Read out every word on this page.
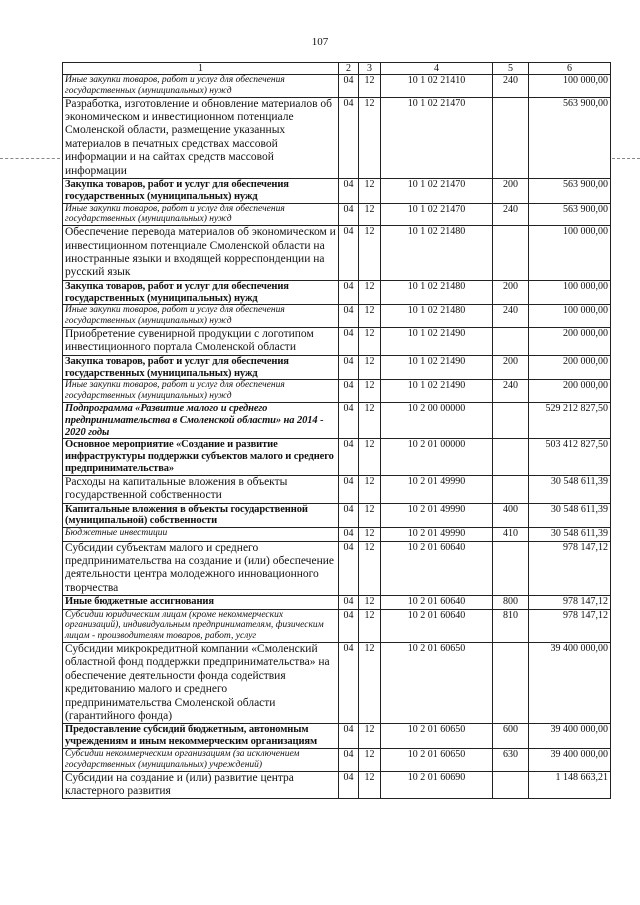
107
1	2	3	4	5	6
Иные закупки товаров, работ и услуг для обеспечения государственных (муниципальных) нужд	04	12	10 1 02 21410	240	100 000,00
Разработка, изготовление и обновление материалов об экономическом и инвестиционном потенциале Смоленской области, размещение указанных материалов в печатных средствах массовой информации и на сайтах средств массовой информации	04	12	10 1 02 21470		563 900,00
Закупка товаров, работ и услуг для обеспечения государственных (муниципальных) нужд	04	12	10 1 02 21470	200	563 900,00
Иные закупки товаров, работ и услуг для обеспечения государственных (муниципальных) нужд	04	12	10 1 02 21470	240	563 900,00
Обеспечение перевода материалов об экономическом и инвестиционном потенциале Смоленской области на иностранные языки и входящей корреспонденции на русский язык	04	12	10 1 02 21480		100 000,00
Закупка товаров, работ и услуг для обеспечения государственных (муниципальных) нужд	04	12	10 1 02 21480	200	100 000,00
Иные закупки товаров, работ и услуг для обеспечения государственных (муниципальных) нужд	04	12	10 1 02 21480	240	100 000,00
Приобретение сувенирной продукции с логотипом инвестиционного портала Смоленской области	04	12	10 1 02 21490		200 000,00
Закупка товаров, работ и услуг для обеспечения государственных (муниципальных) нужд	04	12	10 1 02 21490	200	200 000,00
Иные закупки товаров, работ и услуг для обеспечения государственных (муниципальных) нужд	04	12	10 1 02 21490	240	200 000,00
Подпрограмма «Развитие малого и среднего предпринимательства в Смоленской области» на 2014 - 2020 годы	04	12	10 2 00 00000		529 212 827,50
Основное мероприятие «Создание и развитие инфраструктуры поддержки субъектов малого и среднего предпринимательства»	04	12	10 2 01 00000		503 412 827,50
Расходы на капитальные вложения в объекты государственной собственности	04	12	10 2 01 49990		30 548 611,39
Капитальные вложения в объекты государственной (муниципальной) собственности	04	12	10 2 01 49990	400	30 548 611,39
Бюджетные инвестиции	04	12	10 2 01 49990	410	30 548 611,39
Субсидии субъектам малого и среднего предпринимательства на создание и (или) обеспечение деятельности центра молодежного инновационного творчества	04	12	10 2 01 60640		978 147,12
Иные бюджетные ассигнования	04	12	10 2 01 60640	800	978 147,12
Субсидии юридическим лицам (кроме некоммерческих организаций), индивидуальным предпринимателям, физическим лицам - производителям товаров, работ, услуг	04	12	10 2 01 60640	810	978 147,12
Субсидии микрокредитной компании «Смоленский областной фонд поддержки предпринимательства» на обеспечение деятельности фонда содействия кредитованию малого и среднего предпринимательства Смоленской области (гарантийного фонда)	04	12	10 2 01 60650		39 400 000,00
Предоставление субсидий бюджетным, автономным учреждениям и иным некоммерческим организациям	04	12	10 2 01 60650	600	39 400 000,00
Субсидии некоммерческим организациям (за исключением государственных (муниципальных) учреждений)	04	12	10 2 01 60650	630	39 400 000,00
Субсидии на создание и (или) развитие центра кластерного развития	04	12	10 2 01 60690		1 148 663,21
